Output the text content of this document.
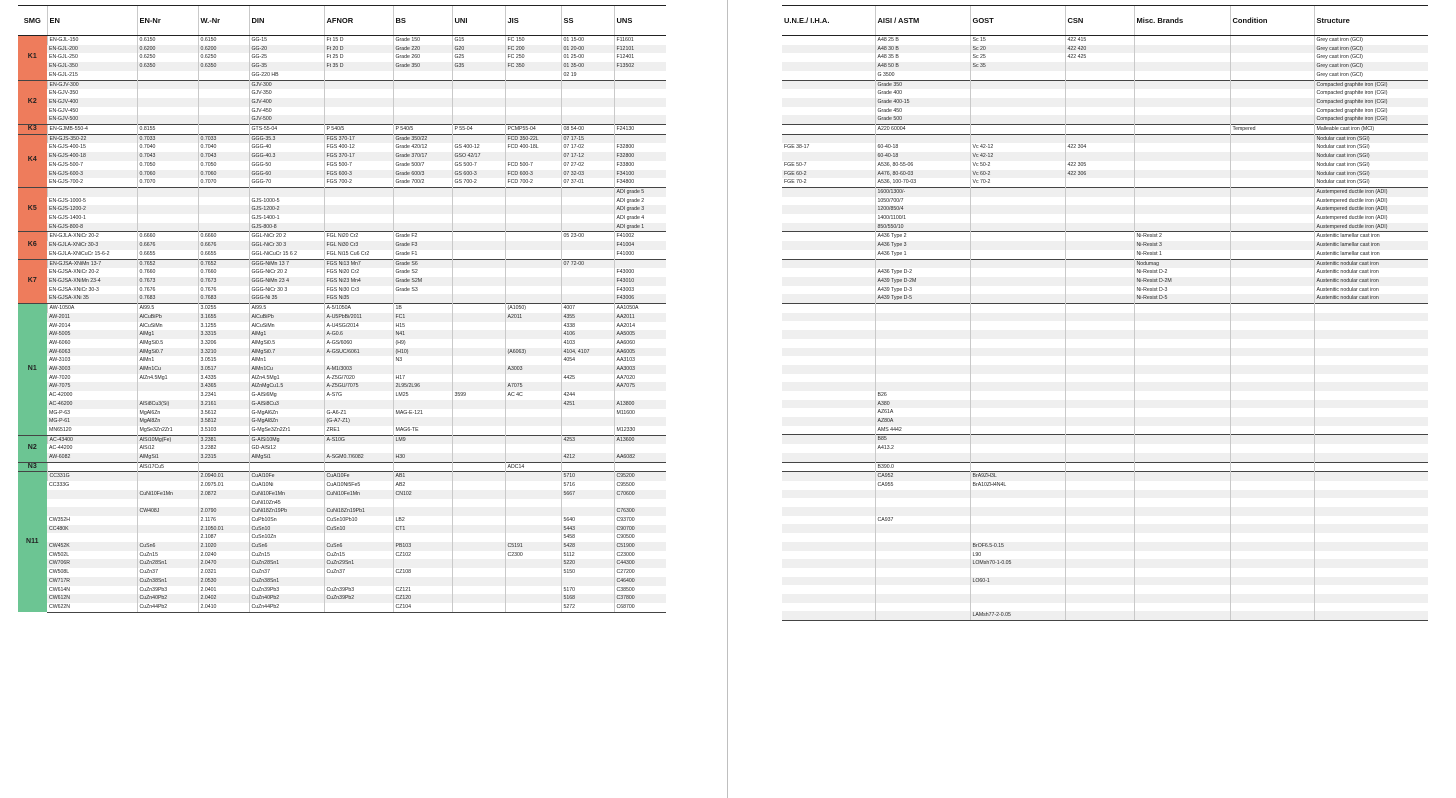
SMG	EN	EN-Nr	W.-Nr	DIN	AFNOR	BS	UNI	JIS	SS	UNS
K1	EN-GJL-150	0.6150	0.6150	GG-15	Ft 15 D	Grade 150	G15	FC 150	01 15-00	F11601
	EN-GJL-200	0.6200	0.6200	GG-20	Ft 20 D	Grade 220	G20	FC 200	01 20-00	F12101
	EN-GJL-250	0.6250	0.6250	GG-25	Ft 25 D	Grade 260	G25	FC 250	01 25-00	F12401
	EN-GJL-350	0.6350	0.6350	GG-35	Ft 35 D	Grade 350	G35	FC 350	01 35-00	F13502
	EN-GJL-215			GG-220 HB					02 19	
K2	EN-GJV-300			GJV-300						
	EN-GJV-350			GJV-350						
	EN-GJV-400			GJV-400						
	EN-GJV-450			GJV-450						
	EN-GJV-500			GJV-500						
K3	EN-GJMB-550-4	0.8155		GTS-55-04	P 540/5	P 540/5	P 55-04	PCMP55-04	08 54-00	F24130
K4	EN-GJS-350-22	0.7033	0.7033	GGG-35.3	FGS 370-17	Grade 350/22		FCD 350-22L	07 17-15	
	EN-GJS-400-15	0.7040	0.7040	GGG-40	FGS 400-12	Grade 420/12	GS 400-12	FCD 400-18L	07 17-02	F32800
	EN-GJS-400-18	0.7043	0.7043	GGG-40.3	FGS 370-17	Grade 370/17	GSO 42/17		07 17-12	F32800
	EN-GJS-500-7	0.7050	0.7050	GGG-50	FGS 500-7	Grade 500/7	GS 500-7	FCD 500-7	07 27-02	F33800
	EN-GJS-600-3	0.7060	0.7060	GGG-60	FGS 600-3	Grade 600/3	GS 600-3	FCD 600-3	07 32-03	F34100
	EN-GJS-700-2	0.7070	0.7070	GGG-70	FGS 700-2	Grade 700/2	GS 700-2	FCD 700-2	07 37-01	F34800
K5										ADI grade 5
	EN-GJS-1000-5			GJS-1000-5						ADI grade 2
	EN-GJS-1200-2			GJS-1200-2						ADI grade 3
	EN-GJS-1400-1			GJS-1400-1						ADI grade 4
	EN-GJS-800-8			GJS-800-8						ADI grade 1
K6	EN-GJLA-XNiCr 20-2	0.6660	0.6660	GGL-NiCr 20 2	FGL Ni20 Cr2	Grade F2			05 23-00	F41002
	EN-GJLA-XNiCr 30-3	0.6676	0.6676	GGL-NiCr 30 3	FGL Ni30 Cr3	Grade F3				F41004
	EN-GJLA-XNiCuCr 15-6-2	0.6655	0.6655	GGL-NiCuCr 15 6 2	FGL Ni15 Cu6 Cr2	Grade F1				F41000
K7	EN-GJSA-XNiMn 13-7	0.7652	0.7652	GGG-NiMn 13 7	FGS Ni13 Mn7	Grade S6			07 72-00	
	EN-GJSA-XNiCr 20-2	0.7660	0.7660	GGG-NiCr 20 2	FGS Ni20 Cr2	Grade S2				F43000
	EN-GJSA-XNiMn 23-4	0.7673	0.7673	GGG-NiMn 23 4	FGS Ni23 Mn4	Grade S2M				F43010
	EN-GJSA-XNiCr 30-3	0.7676	0.7676	GGG-NiCr 30 3	FGS Ni30 Cr3	Grade S3				F43003
	EN-GJSA-XNi 35	0.7683	0.7683	GGG-Ni 35	FGS Ni35					F43006
N1	AW-1050A	Al99.5	3.0255	Al99.5	A-5/1050A	1B		(A1050)	4007	AA1050A
	AW-2011	AlCuBiPb	3.1655	AlCuBiPb	A-U5PbBi/2011	FC1		A2011	4355	AA2011
	AW-2014	AlCuSiMn	3.1255	AlCuSiMn	A-U4SG/2014	H15			4338	AA2014
	AW-5005	AlMg1	3.3315	AlMg1	A-G0.6	N41			4106	AA5005
	AW-6060	AlMgSi0.5	3.3206	AlMgSi0.5	A-GS/6060	(H9)			4103	AA6060
	AW-6063	AlMgSi0.7	3.3210	AlMgSi0.7	A-GSUC/6061	(H10)		(A6063)	4104, 4107	AA6005
	AW-3103	AlMn1	3.0515	AlMn1		N3			4054	AA3103
	AW-3003	AlMn1Cu	3.0517	AlMn1Cu	A-M1/3003			A3003		AA3003
	AW-7020	AlZn4.5Mg1	3.4335	AlZn4.5Mg1	A-Z5G/7020	H17			4425	AA7020
	AW-7075		3.4365	AlZnMgCu1.5	A-Z5GU/7075	2L95/2L96		A7075		AA7075
	AC-42000		3.2341	G-AlSi6Mg	A-S7G	LM25	3599	AC 4C	4244	
	AC-46200	AlSi8Cu3(Si)	3.2161	G-AlSi8Cu3					4251	A13800
	MG-P-63	MgAl6Zn	3.5612	G-MgAl6Zn	G-A6-Z1	MAG-E-121				M11600
	MG-P-61	MgAl8Zn	3.5812	G-MgAl8Zn	(G-A7-Z1)					
	MN65120	MgSe3Zn2Zr1	3.5103	G-MgSe3Zn2Zr1	ZRE1	MAG6-TE				M12330
N2	AC-43400	AlSi10Mg(Fe)	3.2381	G-AlSi10Mg	A-S10G	LM9			4253	A13600
	AC-44200	AlSi12	3.2382	GD-AlSi12						
	AW-6082	AlMgSi1	3.2315	AlMgSi1	A-SGM0.7/6082	H30			4212	AA6082
N3		AlSi17Cu5						ADC14		
N11	CC331G		2.0940.01	CuAl10Fe	CuAl10Fe	AB1			5710	C95200
	CC333G		2.0975.01	CuAl10Ni	CuAl10Ni5Fe5	AB2			5716	C95500
		CuNi10Fe1Mn	2.0872	CuNi10Fe1Mn	CuNi10Fe1Mn	CN102			5667	C70600
				CuNi10Zn45						
		CW408J	2.0790	CuNi18Zn19Pb	CuNi18Zn19Pb1					C76300
	CW352H		2.1176	CuPb10Sn	CuSn10Pb10	LB2			5640	C93700
	CC480K		2.1050.01	CuSn10	CuSn10	CT1			5443	C90700
			2.1087	CuSn10Zn					5458	C90500
	CW452K	CuSn6	2.1020	CuSn6	CuSn6	PB103		C5191	5428	C51900
	CW502L	CuZn15	2.0240	CuZn15	CuZn15	CZ102		C2300	5112	C23000
	CW706R	CuZn28Sn1	2.0470	CuZn28Sn1	CuZn29Sn1				5220	C44300
	CW508L	CuZn37	2.0321	CuZn37	CuZn37	CZ108			5150	C27200
	CW717R	CuZn38Sn1	2.0530	CuZn38Sn1						C46400
	CW614N	CuZn39Pb3	2.0401	CuZn39Pb3	CuZn39Pb3	CZ121			5170	C38500
	CW612N	CuZn40Pb2	2.0402	CuZn40Pb2	CuZn39Pb2	CZ120			5168	C37800
	CW622N	CuZn44Pb2	2.0410	CuZn44Pb2		CZ104			5272	C68700
U.N.E./ I.H.A.	AISI / ASTM	GOST	CSN	Misc. Brands	Condition	Structure
	A48 25 B	Sc 15	422 415			Grey cast iron (GCI)
	A48 30 B	Sc 20	422 420			Grey cast iron (GCI)
	A48 35 B	Sc 25	422 425			Grey cast iron (GCI)
	A48 50 B	Sc 35				Grey cast iron (GCI)
	G 3500					Grey cast iron (GCI)
	Grade 350					Compacted graphite iron (CGI)
	Grade 400					Compacted graphite iron (CGI)
	Grade 400-15					Compacted graphite iron (CGI)
	Grade 450					Compacted graphite iron (CGI)
	Grade 500					Compacted graphite iron (CGI)
	A220 60004				Tempered	Malleable cast iron (MCI)
						Nodular cast iron (SGI)
FGE 38-17	60-40-18	Vc 42-12	422 304			Nodular cast iron (SGI)
	60-40-18	Vc 42-12				Nodular cast iron (SGI)
FGE 50-7	A536, 80-55-06	Vc 50-2	422 305			Nodular cast iron (SGI)
FGE 60-2	A476, 80-60-03	Vc 60-2	422 306			Nodular cast iron (SGI)
FGE 70-2	A536, 100-70-03	Vc 70-2				Nodular cast iron (SGI)
	1600/1300/-					Austempered ductile iron (ADI)
	1050/700/7					Austempered ductile iron (ADI)
	1200/850/4					Austempered ductile iron (ADI)
	1400/1100/1					Austempered ductile iron (ADI)
	850/550/10					Austempered ductile iron (ADI)
	A436 Type 2			Ni-Resist 2		Austenitic lamellar cast iron
	A436 Type 3			Ni-Resist 3		Austenitic lamellar cast iron
	A436 Type 1			Ni-Resist 1		Austenitic lamellar cast iron
				Nodumag		Austenitic nodular cast iron
	A436 Type D-2			Ni-Resist D-2		Austenitic nodular cast iron
	A439 Type D-2M			Ni-Resist D-2M		Austenitic nodular cast iron
	A439 Type D-3			Ni-Resist D-3		Austenitic nodular cast iron
	A439 Type D-5			Ni-Resist D-5		Austenitic nodular cast iron

	B26					
	A380					
	AZ61A					
	AZ80A					
	AMS 4442					
	B85					
	A413.2					

	B390.0					
	CA952	BrA9ZH3L				
	CA955	BrA10ZH4N4L				

	CA937					

		BrOF6.5-0.15				
		L90				
		LOMsh70-1-0.05				

		LO60-1				

		LAMsh77-2-0.05				
